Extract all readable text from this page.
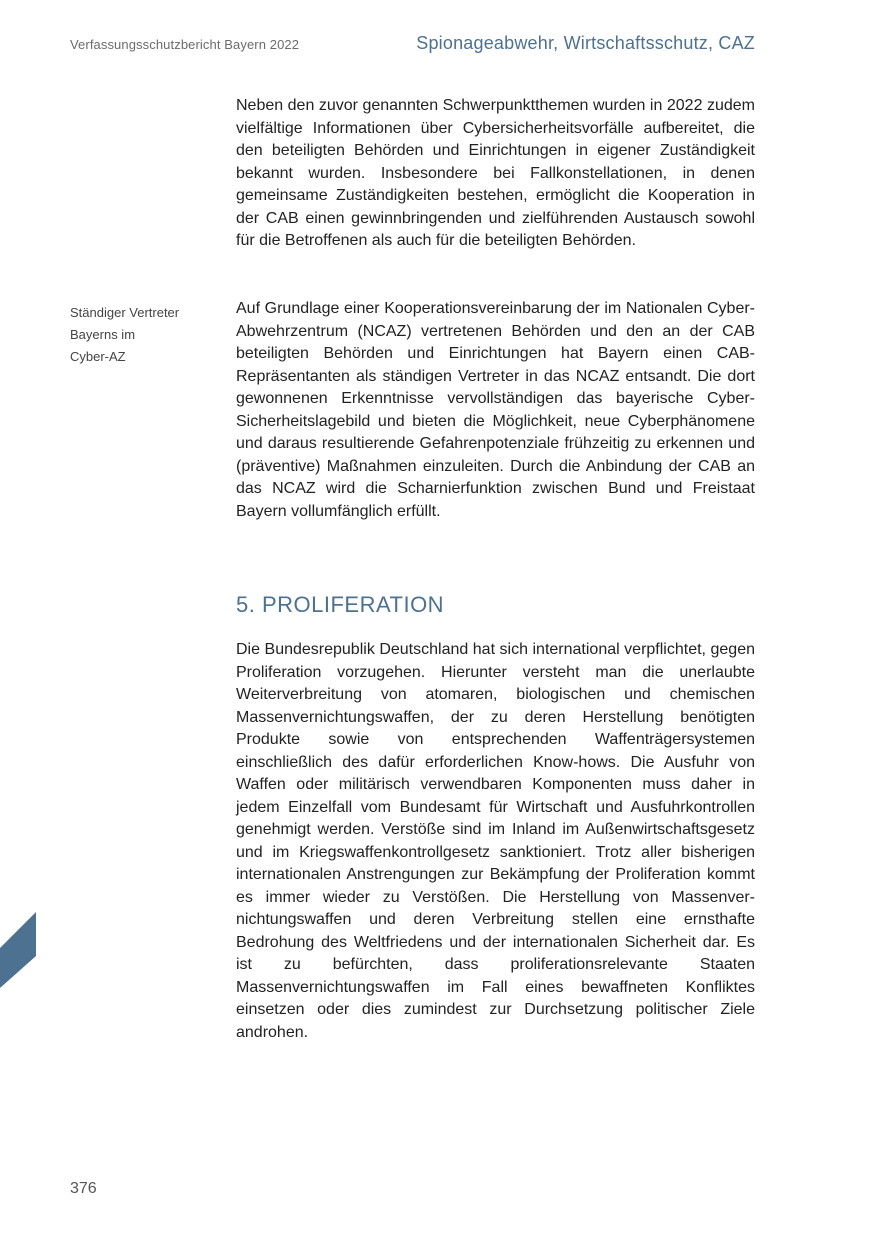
Verfassungsschutzbericht Bayern 2022	Spionageabwehr, Wirtschaftsschutz, CAZ

Neben den zuvor genannten Schwerpunktthemen wurden in 2022 zudem vielfältige Informationen über Cybersicherheitsvorfälle aufbereitet, die den beteiligten Behörden und Einrichtungen in eigener Zuständigkeit bekannt wurden. Insbesondere bei Fallkonstellationen, in denen gemeinsame Zuständigkeiten bestehen, ermöglicht die Kooperation in der CAB einen gewinnbringenden und zielführenden Austausch sowohl für die Betroffenen als auch für die beteiligten Behörden.

Ständiger Vertreter
Bayerns im
Cyber-AZ

Auf Grundlage einer Kooperationsvereinbarung der im Nationalen Cyber-Abwehrzentrum (NCAZ) vertretenen Behörden und den an der CAB beteiligten Behörden und Einrichtungen hat Bayern einen CAB-Repräsentanten als ständigen Vertreter in das NCAZ entsandt. Die dort gewonnenen Erkenntnisse vervollständigen das bayerische Cyber-Sicherheitslagebild und bieten die Möglichkeit, neue Cyberphänomene und daraus resultierende Gefahrenpotenziale frühzeitig zu erkennen und (präventive) Maßnahmen einzuleiten. Durch die Anbindung der CAB an das NCAZ wird die Scharnierfunktion zwischen Bund und Freistaat Bayern vollumfänglich erfüllt.

5. PROLIFERATION

Die Bundesrepublik Deutschland hat sich international verpflichtet, gegen Proliferation vorzugehen. Hierunter versteht man die unerlaubte Weiterverbreitung von atomaren, biologischen und chemischen Massenvernichtungswaffen, der zu deren Herstellung benötigten Produkte sowie von entsprechenden Waffenträgersystemen einschließlich des dafür erforderlichen Know-hows. Die Ausfuhr von Waffen oder militärisch verwendbaren Komponenten muss daher in jedem Einzelfall vom Bundesamt für Wirtschaft und Ausfuhrkontrollen genehmigt werden. Verstöße sind im Inland im Außenwirtschaftsgesetz und im Kriegswaffenkontrollgesetz sanktioniert. Trotz aller bisherigen internationalen Anstrengungen zur Bekämpfung der Proliferation kommt es immer wieder zu Verstößen. Die Herstellung von Massenvernichtungswaffen und deren Verbreitung stellen eine ernsthafte Bedrohung des Weltfriedens und der internationalen Sicherheit dar. Es ist zu befürchten, dass proliferationsrelevante Staaten Massenvernichtungswaffen im Fall eines bewaffneten Konfliktes einsetzen oder dies zumindest zur Durchsetzung politischer Ziele androhen.

376
